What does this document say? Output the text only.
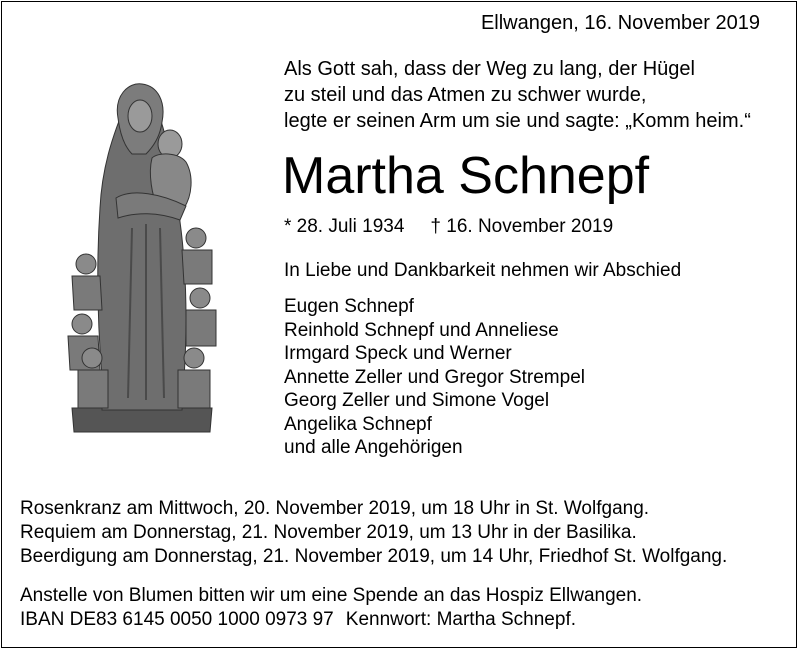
Ellwangen, 16. November 2019
Als Gott sah, dass der Weg zu lang, der Hügel
zu steil und das Atmen zu schwer wurde,
legte er seinen Arm um sie und sagte: „Komm heim.“
Martha Schnepf
* 28. Juli 1934 † 16. November 2019
In Liebe und Dankbarkeit nehmen wir Abschied
Eugen Schnepf
Reinhold Schnepf und Anneliese
Irmgard Speck und Werner
Annette Zeller und Gregor Strempel
Georg Zeller und Simone Vogel
Angelika Schnepf
und alle Angehörigen
Rosenkranz am Mittwoch, 20. November 2019, um 18 Uhr in St. Wolfgang.
Requiem am Donnerstag, 21. November 2019, um 13 Uhr in der Basilika.
Beerdigung am Donnerstag, 21. November 2019, um 14 Uhr, Friedhof St. Wolfgang.
Anstelle von Blumen bitten wir um eine Spende an das Hospiz Ellwangen.
IBAN DE83 6145 0050 1000 0973 97 Kennwort: Martha Schnepf.
